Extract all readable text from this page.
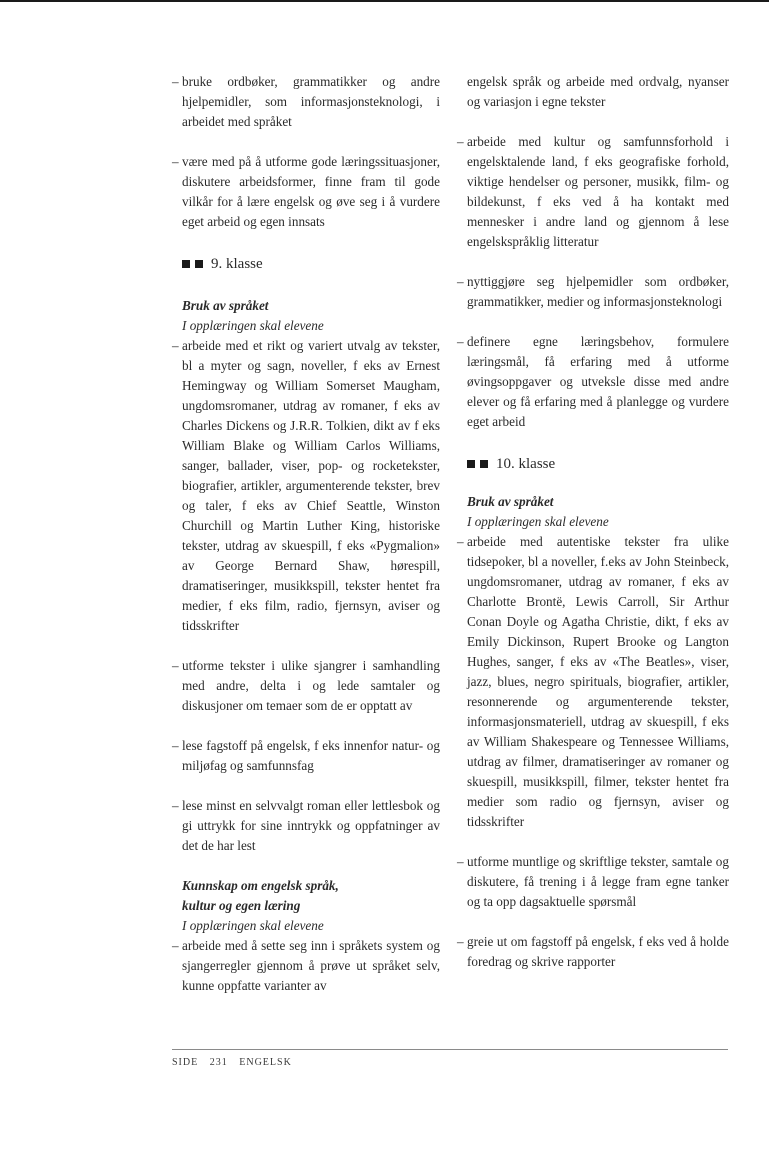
– bruke ordbøker, grammatikker og andre hjelpemidler, som informasjonsteknologi, i arbeidet med språket
– være med på å utforme gode læringssituasjoner, diskutere arbeidsformer, finne fram til gode vilkår for å lære engelsk og øve seg i å vurdere eget arbeid og egen innsats
9. klasse
Bruk av språket
I opplæringen skal elevene
– arbeide med et rikt og variert utvalg av tekster, bl a myter og sagn, noveller, f eks av Ernest Hemingway og William Somerset Maugham, ungdomsromaner, utdrag av romaner, f eks av Charles Dickens og J.R.R. Tolkien, dikt av f eks William Blake og William Carlos Williams, sanger, ballader, viser, pop- og rocketekster, biografier, artikler, argumenterende tekster, brev og taler, f eks av Chief Seattle, Winston Churchill og Martin Luther King, historiske tekster, utdrag av skuespill, f eks «Pygmalion» av George Bernard Shaw, hørespill, dramatiseringer, musikkspill, tekster hentet fra medier, f eks film, radio, fjernsyn, aviser og tidsskrifter
– utforme tekster i ulike sjangrer i samhandling med andre, delta i og lede samtaler og diskusjoner om temaer som de er opptatt av
– lese fagstoff på engelsk, f eks innenfor natur- og miljøfag og samfunnsfag
– lese minst en selvvalgt roman eller lettlesbok og gi uttrykk for sine inntrykk og oppfatninger av det de har lest
Kunnskap om engelsk språk,
kultur og egen læring
I opplæringen skal elevene
– arbeide med å sette seg inn i språkets system og sjangerregler gjennom å prøve ut språket selv, kunne oppfatte varianter av
engelsk språk og arbeide med ordvalg, nyanser og variasjon i egne tekster
– arbeide med kultur og samfunnsforhold i engelsktalende land, f eks geografiske forhold, viktige hendelser og personer, musikk, film- og bildekunst, f eks ved å ha kontakt med mennesker i andre land og gjennom å lese engelskspråklig litteratur
– nyttiggjøre seg hjelpemidler som ordbøker, grammatikker, medier og informasjonsteknologi
– definere egne læringsbehov, formulere læringsmål, få erfaring med å utforme øvingsoppgaver og utveksle disse med andre elever og få erfaring med å planlegge og vurdere eget arbeid
10. klasse
Bruk av språket
I opplæringen skal elevene
– arbeide med autentiske tekster fra ulike tidsepoker, bl a noveller, f.eks av John Steinbeck, ungdomsromaner, utdrag av romaner, f eks av Charlotte Brontë, Lewis Carroll, Sir Arthur Conan Doyle og Agatha Christie, dikt, f eks av Emily Dickinson, Rupert Brooke og Langton Hughes, sanger, f eks av «The Beatles», viser, jazz, blues, negro spirituals, biografier, artikler, resonnerende og argumenterende tekster, informasjonsmateriell, utdrag av skuespill, f eks av William Shakespeare og Tennessee Williams, utdrag av filmer, dramatiseringer av romaner og skuespill, musikkspill, filmer, tekster hentet fra medier som radio og fjernsyn, aviser og tidsskrifter
– utforme muntlige og skriftlige tekster, samtale og diskutere, få trening i å legge fram egne tanker og ta opp dagsaktuelle spørsmål
– greie ut om fagstoff på engelsk, f eks ved å holde foredrag og skrive rapporter
SIDE 231 ENGELSK
